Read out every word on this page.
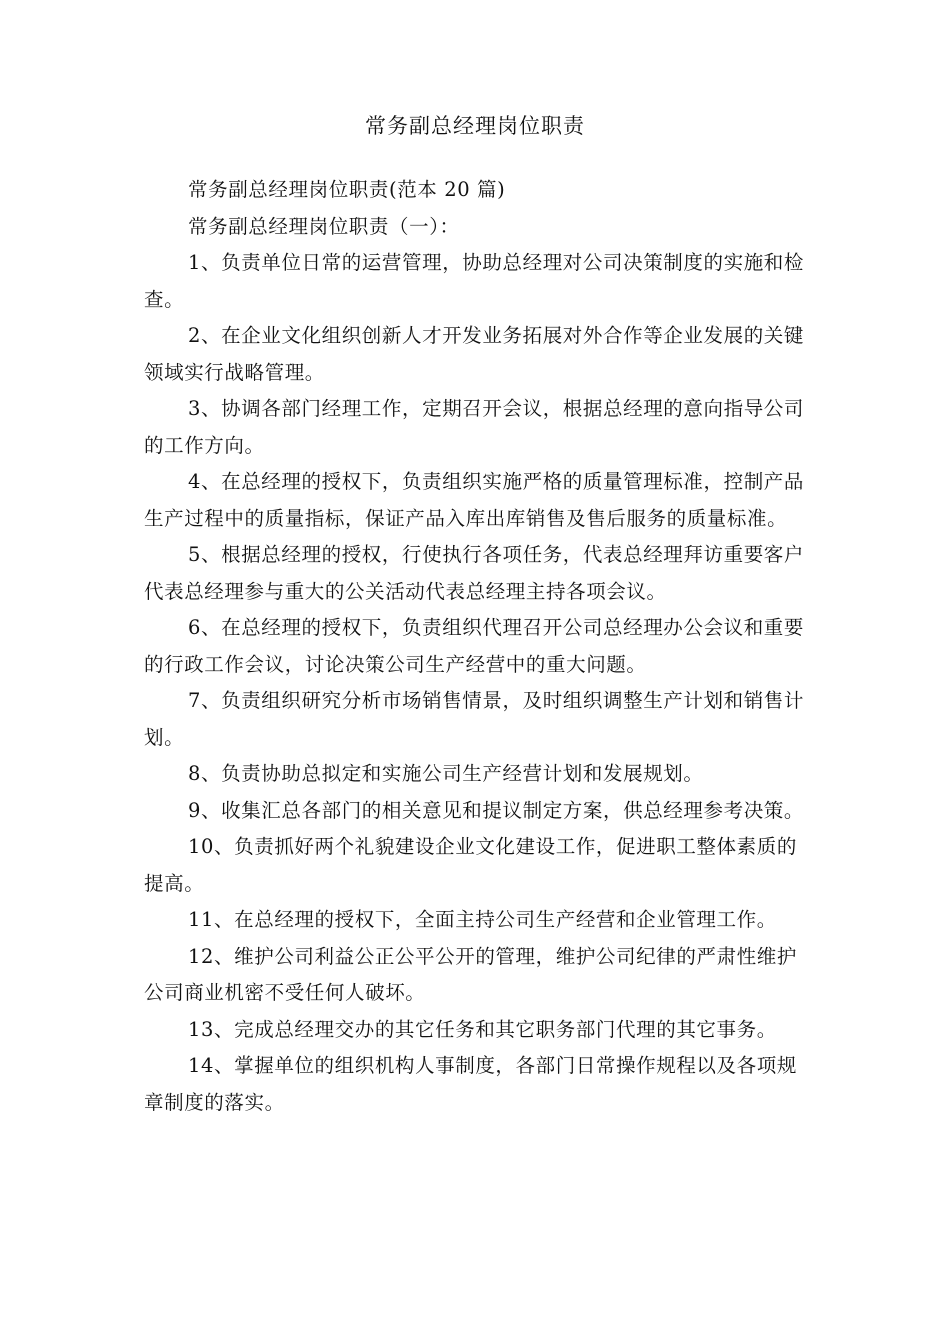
常务副总经理岗位职责

常务副总经理岗位职责(范本 20 篇)

常务副总经理岗位职责（一）：

1、负责单位日常的运营管理，协助总经理对公司决策制度的实施和检查。

2、在企业文化组织创新人才开发业务拓展对外合作等企业发展的关键领域实行战略管理。

3、协调各部门经理工作，定期召开会议，根据总经理的意向指导公司的工作方向。

4、在总经理的授权下，负责组织实施严格的质量管理标准，控制产品生产过程中的质量指标，保证产品入库出库销售及售后服务的质量标准。

5、根据总经理的授权，行使执行各项任务，代表总经理拜访重要客户代表总经理参与重大的公关活动代表总经理主持各项会议。

6、在总经理的授权下，负责组织代理召开公司总经理办公会议和重要的行政工作会议，讨论决策公司生产经营中的重大问题。

7、负责组织研究分析市场销售情景，及时组织调整生产计划和销售计划。

8、负责协助总拟定和实施公司生产经营计划和发展规划。

9、收集汇总各部门的相关意见和提议制定方案，供总经理参考决策。

10、负责抓好两个礼貌建设企业文化建设工作，促进职工整体素质的提高。

11、在总经理的授权下，全面主持公司生产经营和企业管理工作。

12、维护公司利益公正公平公开的管理，维护公司纪律的严肃性维护公司商业机密不受任何人破坏。

13、完成总经理交办的其它任务和其它职务部门代理的其它事务。

14、掌握单位的组织机构人事制度，各部门日常操作规程以及各项规章制度的落实。
